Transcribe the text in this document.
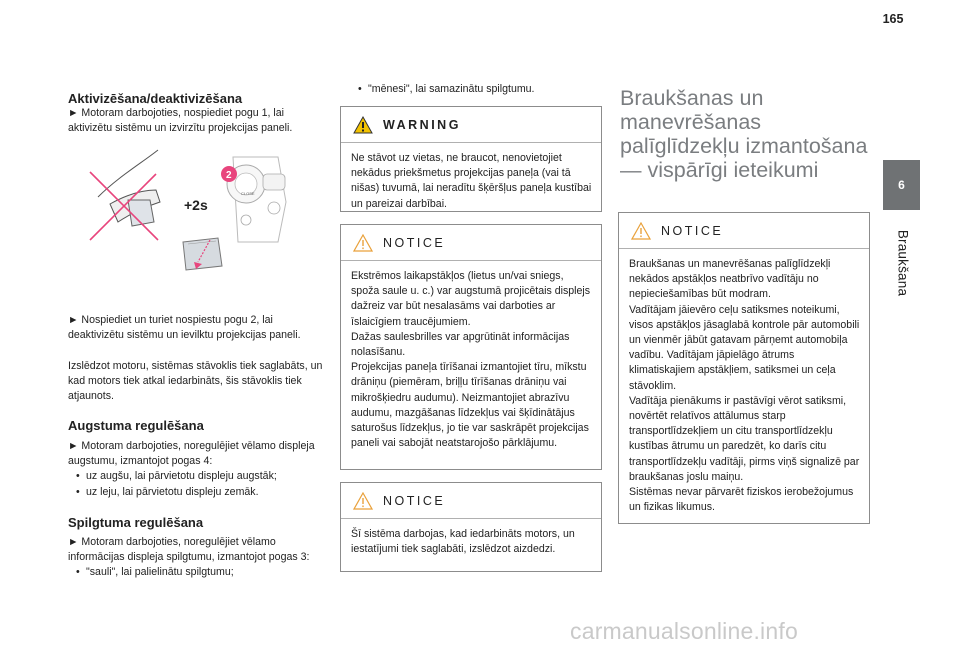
165
6
Braukšana
Aktivizēšana/deaktivizēšana

► Motoram darbojoties, nospiediet pogu 1, lai aktivizētu sistēmu un izvirzītu projekcijas paneli.

► Nospiediet un turiet nospiestu pogu 2, lai deaktivizētu sistēmu un ievilktu projekcijas paneli.

Izslēdzot motoru, sistēmas stāvoklis tiek saglabāts, un kad motors tiek atkal iedarbināts, šis stāvoklis tiek atjaunots.

Augstuma regulēšana

► Motoram darbojoties, noregulējiet vēlamo displeja augstumu, izmantojot pogas 4:
• uz augšu, lai pārvietotu displeju augstāk;
• uz leju, lai pārvietotu displeju zemāk.

Spilgtuma regulēšana

► Motoram darbojoties, noregulējiet vēlamo informācijas displeja spilgtumu, izmantojot pogas 3:
• "sauli", lai palielinātu spilgtumu;

CLOSE
2
+2s

• "mēnesi", lai samazinātu spilgtumu.

WARNING
Ne stāvot uz vietas, ne braucot, nenovietojiet nekādus priekšmetus projekcijas paneļa (vai tā nišas) tuvumā, lai neradītu šķēršļus paneļa kustībai un pareizai darbībai.
NOTICE
Ekstrēmos laikapstākļos (lietus un/vai sniegs, spoža saule u. c.) var augstumā projicētais displejs dažreiz var būt nesalasāms vai darboties ar īslaicīgiem traucējumiem.
Dažas saulesbrilles var apgrūtināt informācijas nolasīšanu.
Projekcijas paneļa tīrīšanai izmantojiet tīru, mīkstu drāniņu (piemēram, briļļu tīrīšanas drāniņu vai mikrošķiedru audumu). Neizmantojiet abrazīvu audumu, mazgāšanas līdzekļus vai šķīdinātājus saturošus līdzekļus, jo tie var saskrāpēt projekcijas paneli vai sabojāt neatstarojošo pārklājumu.
NOTICE
Šī sistēma darbojas, kad iedarbināts motors, un iestatījumi tiek saglabāti, izslēdzot aizdedzi.
Braukšanas un manevrēšanas palīglīdzekļu izmantošana — vispārīgi ieteikumi
NOTICE
Braukšanas un manevrēšanas palīglīdzekļi nekādos apstākļos neatbrīvo vadītāju no nepieciešamības būt modram.
Vadītājam jāievēro ceļu satiksmes noteikumi, visos apstākļos jāsaglabā kontrole pār automobili un vienmēr jābūt gatavam pārņemt automobiļa vadību. Vadītājam jāpielāgo ātrums klimatiskajiem apstākļiem, satiksmei un ceļa stāvoklim.
Vadītāja pienākums ir pastāvīgi vērot satiksmi, novērtēt relatīvos attālumus starp transportlīdzekļiem un citu transportlīdzekļu kustības ātrumu un paredzēt, ko darīs citu transportlīdzekļu vadītāji, pirms viņš signalizē par braukšanas joslu maiņu.
Sistēmas nevar pārvarēt fiziskos ierobežojumus un fizikas likumus.
carmanualsonline.info
